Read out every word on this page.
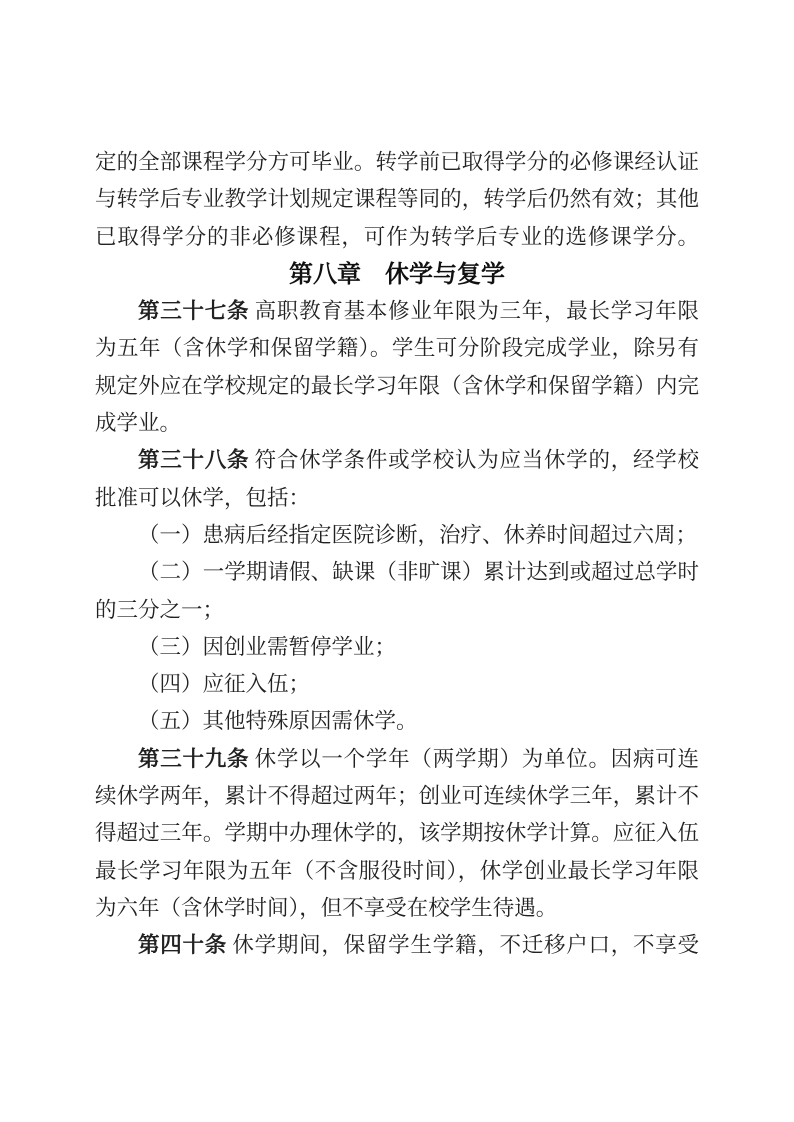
定的全部课程学分方可毕业。转学前已取得学分的必修课经认证与转学后专业教学计划规定课程等同的，转学后仍然有效；其他已取得学分的非必修课程，可作为转学后专业的选修课学分。

第八章　休学与复学

第三十七条 高职教育基本修业年限为三年，最长学习年限为五年（含休学和保留学籍）。学生可分阶段完成学业，除另有规定外应在学校规定的最长学习年限（含休学和保留学籍）内完成学业。

第三十八条 符合休学条件或学校认为应当休学的，经学校批准可以休学，包括：

（一）患病后经指定医院诊断，治疗、休养时间超过六周；

（二）一学期请假、缺课（非旷课）累计达到或超过总学时的三分之一；

（三）因创业需暂停学业；

（四）应征入伍；

（五）其他特殊原因需休学。

第三十九条 休学以一个学年（两学期）为单位。因病可连续休学两年，累计不得超过两年；创业可连续休学三年，累计不得超过三年。学期中办理休学的，该学期按休学计算。应征入伍最长学习年限为五年（不含服役时间），休学创业最长学习年限为六年（含休学时间），但不享受在校学生待遇。

第四十条 休学期间，保留学生学籍，不迁移户口，不享受
